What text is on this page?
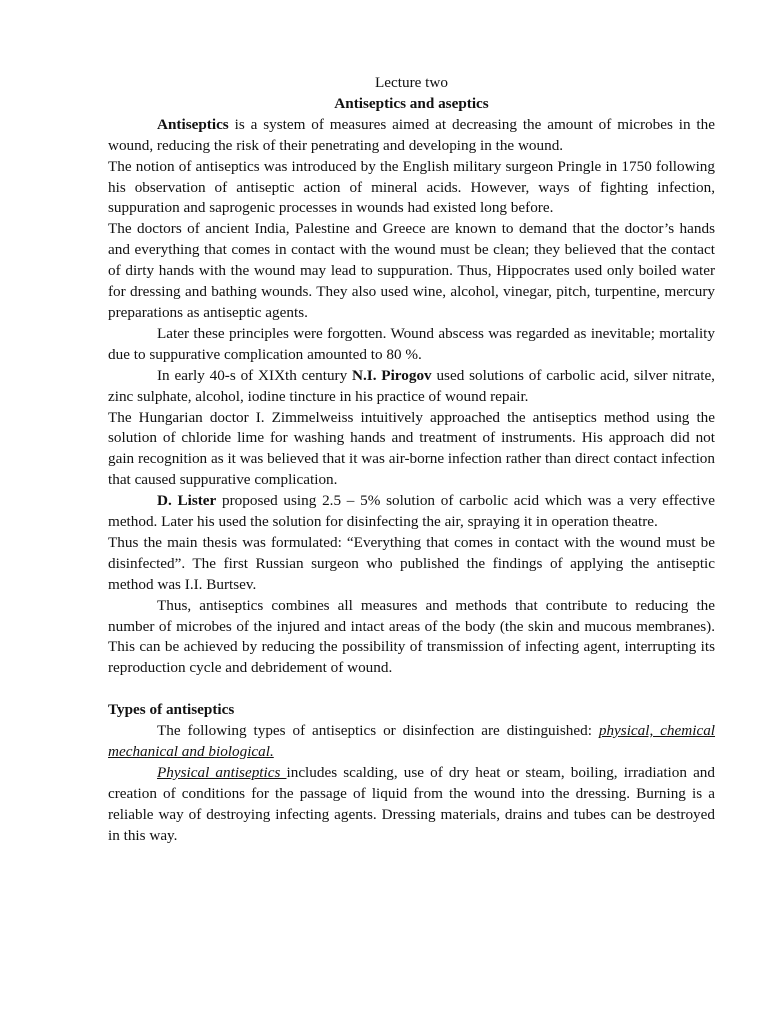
Lecture two
Antiseptics and aseptics

Antiseptics is a system of measures aimed at decreasing the amount of microbes in the wound, reducing the risk of their penetrating and developing in the wound.

The notion of antiseptics was introduced by the English military surgeon Pringle in 1750 following his observation of antiseptic action of mineral acids. However, ways of fighting infection, suppuration and saprogenic processes in wounds had existed long before.

The doctors of ancient India, Palestine and Greece are known to demand that the doctor’s hands and everything that comes in contact with the wound must be clean; they believed that the contact of dirty hands with the wound may lead to suppuration. Thus, Hippocrates used only boiled water for dressing and bathing wounds. They also used wine, alcohol, vinegar, pitch, turpentine, mercury preparations as antiseptic agents.

Later these principles were forgotten. Wound abscess was regarded as inevitable; mortality due to suppurative complication amounted to 80 %.

In early 40-s of XIXth century N.I. Pirogov used solutions of carbolic acid, silver nitrate, zinc sulphate, alcohol, iodine tincture in his practice of wound repair.

The Hungarian doctor I. Zimmelweiss intuitively approached the antiseptics method using the solution of chloride lime for washing hands and treatment of instruments. His approach did not gain recognition as it was believed that it was air-borne infection rather than direct contact infection that caused suppurative complication.

D. Lister proposed using 2.5 – 5% solution of carbolic acid which was a very effective method. Later his used the solution for disinfecting the air, spraying it in operation theatre.

Thus the main thesis was formulated: “Everything that comes in contact with the wound must be disinfected”. The first Russian surgeon who published the findings of applying the antiseptic method was I.I. Burtsev.

Thus, antiseptics combines all measures and methods that contribute to reducing the number of microbes of the injured and intact areas of the body (the skin and mucous membranes). This can be achieved by reducing the possibility of transmission of infecting agent, interrupting its reproduction cycle and debridement of wound.

Types of antiseptics

The following types of antiseptics or disinfection are distinguished: physical, chemical mechanical and biological.

Physical antiseptics includes scalding, use of dry heat or steam, boiling, irradiation and creation of conditions for the passage of liquid from the wound into the dressing. Burning is a reliable way of destroying infecting agents. Dressing materials, drains and tubes can be destroyed in this way.
